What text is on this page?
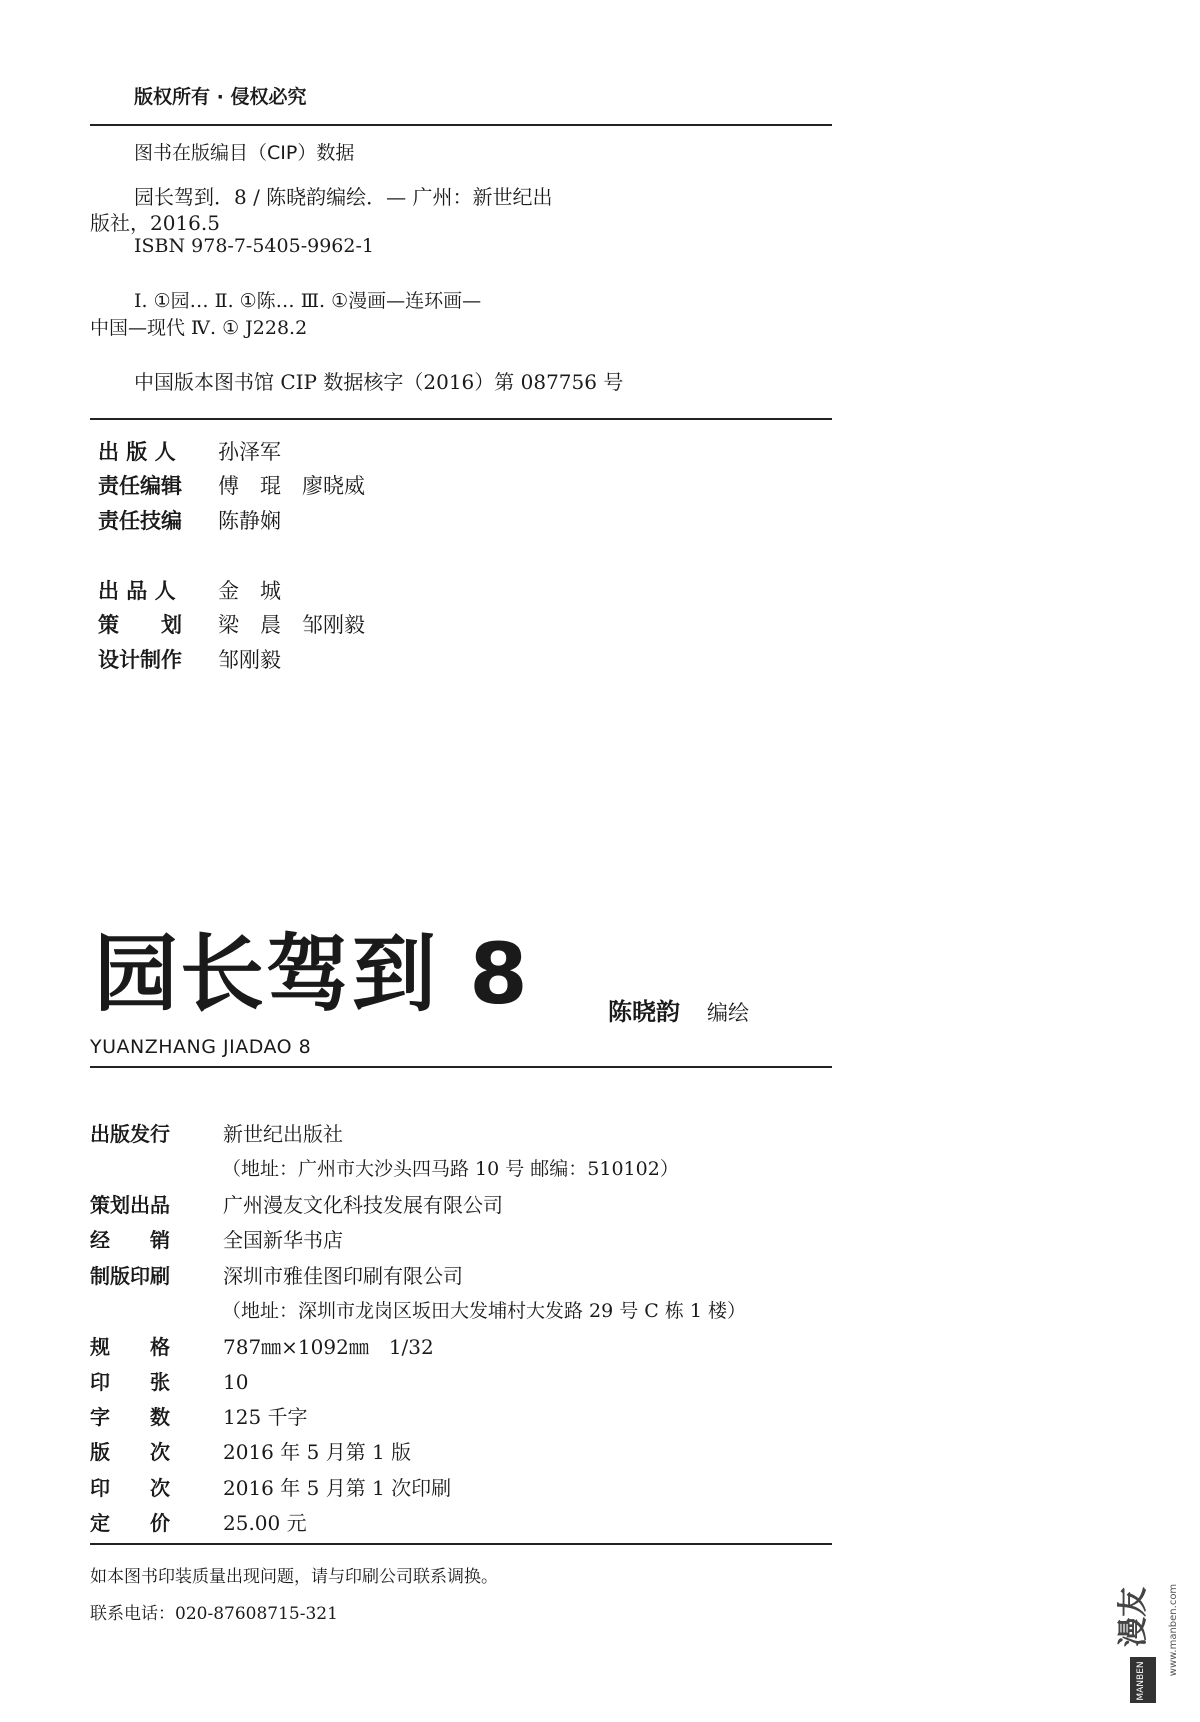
版权所有 · 侵权必究
图书在版编目（CIP）数据
园长驾到．8 / 陈晓韵编绘．— 广州：新世纪出
版社，2016.5
ISBN 978-7-5405-9962-1
Ⅰ. ①园… Ⅱ. ①陈… Ⅲ. ①漫画—连环画—
中国—现代 Ⅳ. ① J228.2
中国版本图书馆 CIP 数据核字（2016）第 087756 号
出 版 人 孙泽军
责任编辑 傅　琨　廖晓威
责任技编 陈静娴
出 品 人 金　城
策　　划 梁　晨　邹刚毅
设计制作 邹刚毅
园长驾到 8	陈晓韵 编绘
YUANZHANG JIADAO 8
出版发行	新世纪出版社
（地址：广州市大沙头四马路 10 号 邮编：510102）
策划出品	广州漫友文化科技发展有限公司
经　　销	全国新华书店
制版印刷	深圳市雅佳图印刷有限公司
（地址：深圳市龙岗区坂田大发埔村大发路 29 号 C 栋 1 楼）
规　　格	787㎜×1092㎜　1/32
印　　张	10
字　　数	125 千字
版　　次	2016 年 5 月第 1 版
印　　次	2016 年 5 月第 1 次印刷
定　　价	25.00 元
如本图书印装质量出现问题，请与印刷公司联系调换。
联系电话：020-87608715-321
MANBEN
漫友 www.manben.com
